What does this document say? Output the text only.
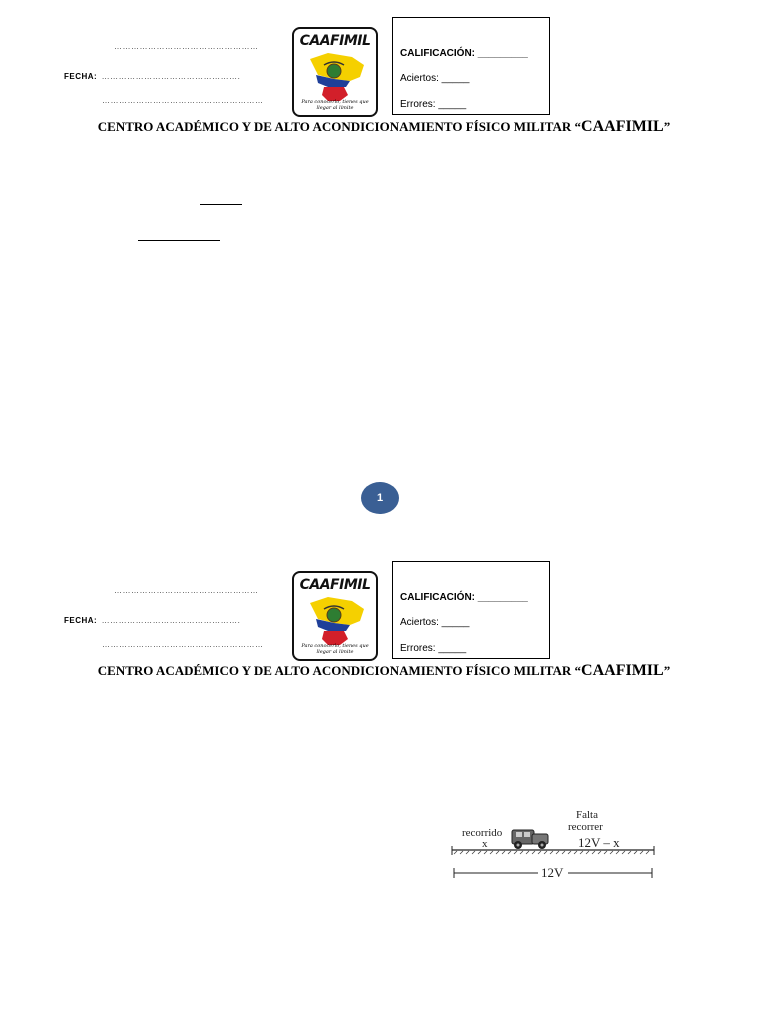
……………………………………………
FECHA: ………………………………………….
…………………………………………………
CAAFIMIL
Para conocerlo, tienes que llegar al límite
CALIFICACIÓN: _________
Aciertos: _____
Errores: _____
CENTRO ACADÉMICO Y DE ALTO ACONDICIONAMIENTO FÍSICO MILITAR “CAAFIMIL”
1
……………………………………………
FECHA: ………………………………………….
…………………………………………………
CAAFIMIL
Para conocerlo, tienes que llegar al límite
CALIFICACIÓN: _________
Aciertos: _____
Errores: _____
CENTRO ACADÉMICO Y DE ALTO ACONDICIONAMIENTO FÍSICO MILITAR “CAAFIMIL”
Falta
recorrer
recorrido
x	12V – x
12V
